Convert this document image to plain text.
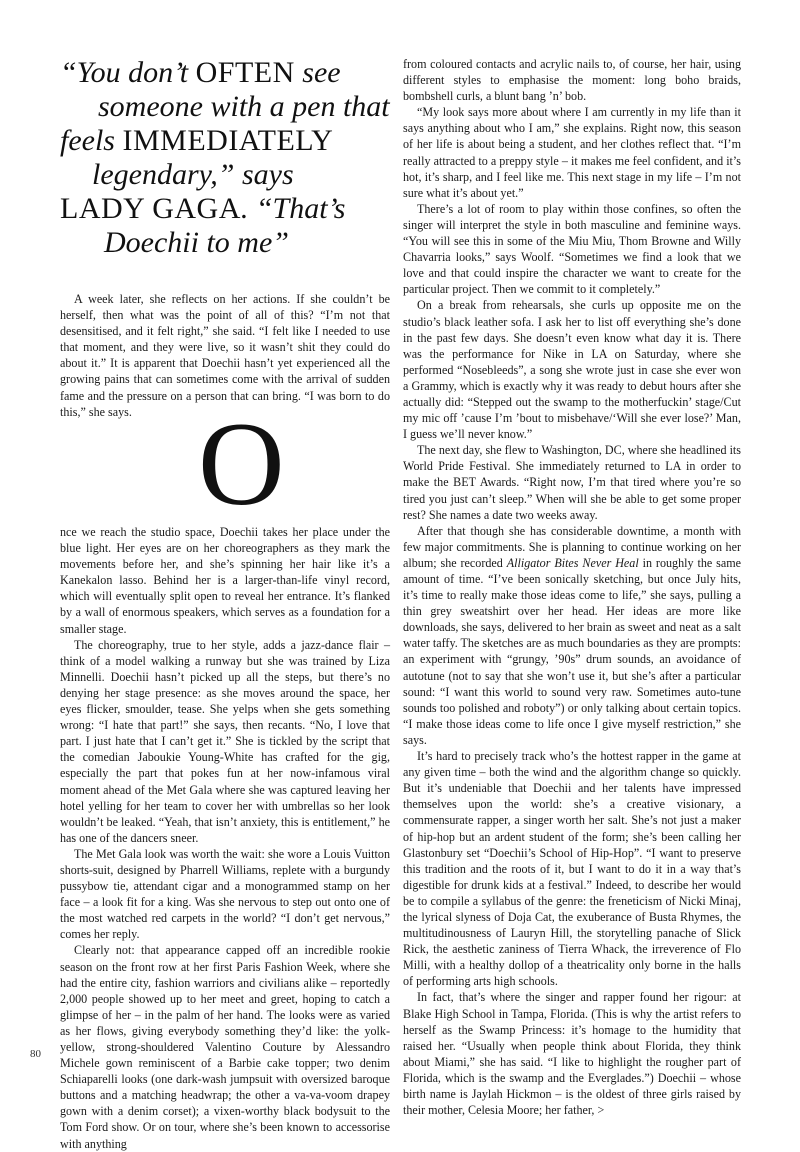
“You don’t OFTEN see
someone with a pen that
feels IMMEDIATELY
legendary,” says
LADY GAGA. “That’s
Doechii to me”

A week later, she reflects on her actions. If she couldn’t be herself, then what was the point of all of this? “I’m not that desensitised, and it felt right,” she said. “I felt like I needed to use that moment, and they were live, so it wasn’t shit they could do about it.” It is apparent that Doechii hasn’t yet experienced all the growing pains that can sometimes come with the arrival of sudden fame and the pressure on a person that can bring. “I was born to do this,” she says. O

nce we reach the studio space, Doechii takes her place under the blue light. Her eyes are on her choreographers as they mark the movements before her, and she’s spinning her hair like it’s a Kanekalon lasso. Behind her is a larger-than-life vinyl record, which will eventually split open to reveal her entrance. It’s flanked by a wall of enormous speakers, which serves as a foundation for a smaller stage.

The choreography, true to her style, adds a jazz-dance flair – think of a model walking a runway but she was trained by Liza Minnelli. Doechii hasn’t picked up all the steps, but there’s no denying her stage presence: as she moves around the space, her eyes flicker, smoulder, tease. She yelps when she gets something wrong: “I hate that part!” she says, then recants. “No, I love that part. I just hate that I can’t get it.” She is tickled by the script that the comedian Jaboukie Young-White has crafted for the gig, especially the part that pokes fun at her now-infamous viral moment ahead of the Met Gala where she was captured leaving her hotel yelling for her team to cover her with umbrellas so her look wouldn’t be leaked. “Yeah, that isn’t anxiety, this is entitlement,” he has one of the dancers sneer.

The Met Gala look was worth the wait: she wore a Louis Vuitton shorts-suit, designed by Pharrell Williams, replete with a burgundy pussybow tie, attendant cigar and a monogrammed stamp on her face – a look fit for a king. Was she nervous to step out onto one of the most watched red carpets in the world? “I don’t get nervous,” comes her reply.

Clearly not: that appearance capped off an incredible rookie season on the front row at her first Paris Fashion Week, where she had the entire city, fashion warriors and civilians alike – reportedly 2,000 people showed up to her meet and greet, hoping to catch a glimpse of her – in the palm of her hand. The looks were as varied as her flows, giving everybody something they’d like: the yolk-yellow, strong-shouldered Valentino Couture by Alessandro Michele gown reminiscent of a Barbie cake topper; two denim Schiaparelli looks (one dark-wash jumpsuit with oversized baroque buttons and a matching headwrap; the other a va-va-voom drapey gown with a denim corset); a vixen-worthy black bodysuit to the Tom Ford show. Or on tour, where she’s been known to accessorise with anything

from coloured contacts and acrylic nails to, of course, her hair, using different styles to emphasise the moment: long boho braids, bombshell curls, a blunt bang ’n’ bob.

“My look says more about where I am currently in my life than it says anything about who I am,” she explains. Right now, this season of her life is about being a student, and her clothes reflect that. “I’m really attracted to a preppy style – it makes me feel confident, and it’s hot, it’s sharp, and I feel like me. This next stage in my life – I’m not sure what it’s about yet.”

There’s a lot of room to play within those confines, so often the singer will interpret the style in both masculine and feminine ways. “You will see this in some of the Miu Miu, Thom Browne and Willy Chavarria looks,” says Woolf. “Sometimes we find a look that we love and that could inspire the character we want to create for the particular project. Then we commit to it completely.”

On a break from rehearsals, she curls up opposite me on the studio’s black leather sofa. I ask her to list off everything she’s done in the past few days. She doesn’t even know what day it is. There was the performance for Nike in LA on Saturday, where she performed “Nosebleeds”, a song she wrote just in case she ever won a Grammy, which is exactly why it was ready to debut hours after she actually did: “Stepped out the swamp to the motherfuckin’ stage/Cut my mic off ’cause I’m ’bout to misbehave/‘Will she ever lose?’ Man, I guess we’ll never know.”

The next day, she flew to Washington, DC, where she headlined its World Pride Festival. She immediately returned to LA in order to make the BET Awards. “Right now, I’m that tired where you’re so tired you just can’t sleep.” When will she be able to get some proper rest? She names a date two weeks away.

After that though she has considerable downtime, a month with few major commitments. She is planning to continue working on her album; she recorded Alligator Bites Never Heal in roughly the same amount of time. “I’ve been sonically sketching, but once July hits, it’s time to really make those ideas come to life,” she says, pulling a thin grey sweatshirt over her head. Her ideas are more like downloads, she says, delivered to her brain as sweet and neat as a salt water taffy. The sketches are as much boundaries as they are prompts: an experiment with “grungy, ’90s” drum sounds, an avoidance of autotune (not to say that she won’t use it, but she’s after a particular sound: “I want this world to sound very raw. Sometimes auto-tune sounds too polished and roboty”) or only talking about certain topics. “I make those ideas come to life once I give myself restriction,” she says.

It’s hard to precisely track who’s the hottest rapper in the game at any given time – both the wind and the algorithm change so quickly. But it’s undeniable that Doechii and her talents have impressed themselves upon the world: she’s a creative visionary, a commensurate rapper, a singer worth her salt. She’s not just a maker of hip-hop but an ardent student of the form; she’s been calling her Glastonbury set “Doechii’s School of Hip-Hop”. “I want to preserve this tradition and the roots of it, but I want to do it in a way that’s digestible for drunk kids at a festival.” Indeed, to describe her would be to compile a syllabus of the genre: the freneticism of Nicki Minaj, the lyrical slyness of Doja Cat, the exuberance of Busta Rhymes, the multitudinousness of Lauryn Hill, the storytelling panache of Slick Rick, the aesthetic zaniness of Tierra Whack, the irreverence of Flo Milli, with a healthy dollop of a theatricality only borne in the halls of performing arts high schools.

In fact, that’s where the singer and rapper found her rigour: at Blake High School in Tampa, Florida. (This is why the artist refers to herself as the Swamp Princess: it’s homage to the humidity that raised her. “Usually when people think about Florida, they think about Miami,” she has said. “I like to highlight the rougher part of Florida, which is the swamp and the Everglades.”) Doechii – whose birth name is Jaylah Hickmon – is the oldest of three girls raised by their mother, Celesia Moore; her father, >

80
